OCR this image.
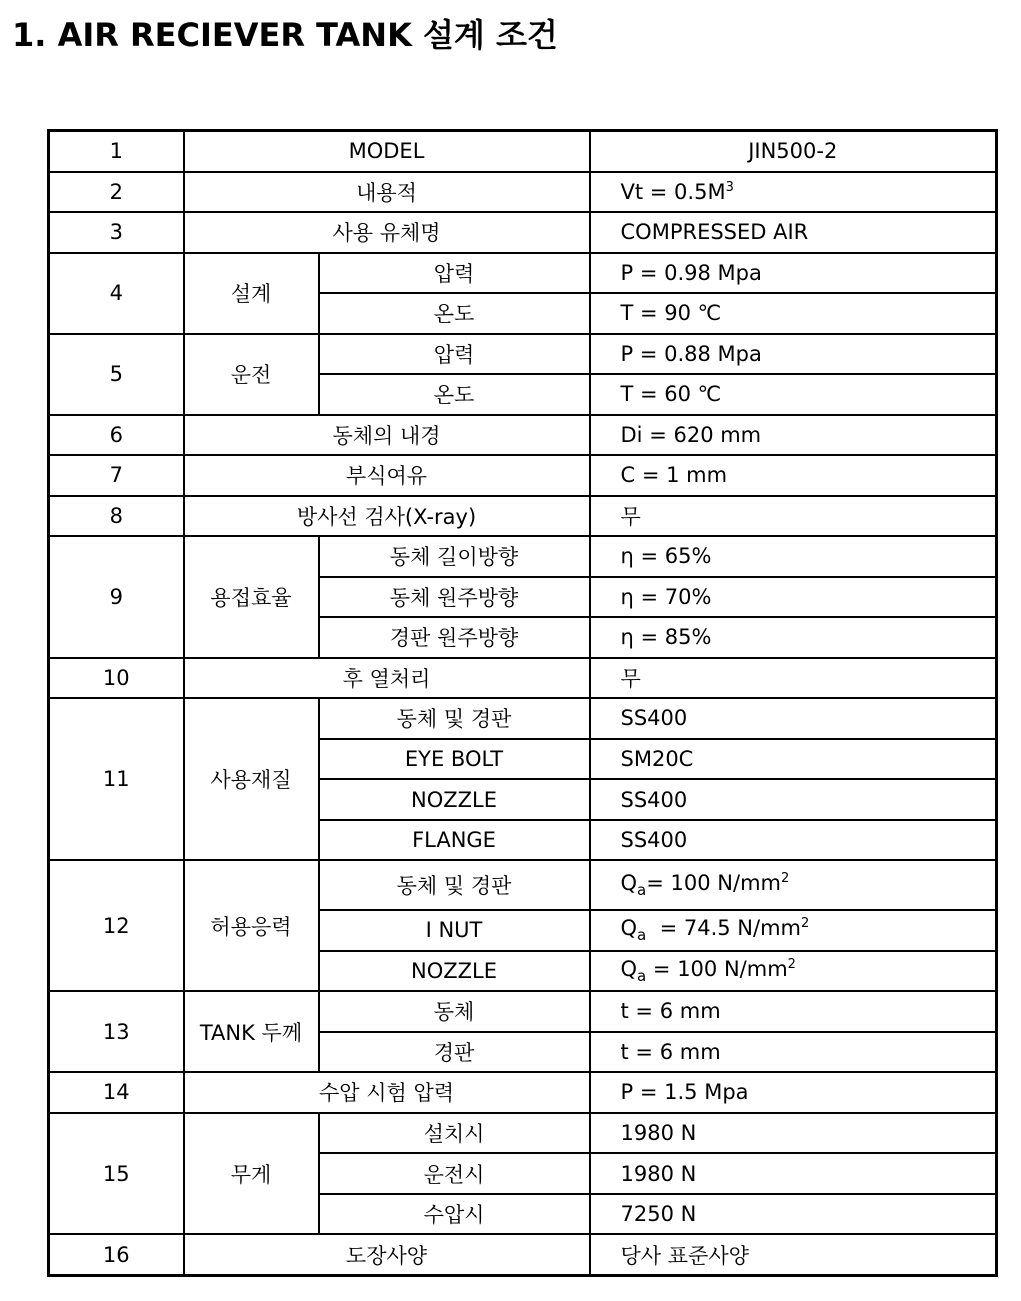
1. AIR RECIEVER TANK 설계 조건
1	MODEL		JIN500-2
2	내용적		$Vt = 0.5M^3$
3	사용 유체명		COMPRESSED AIR
4	설계	압력	P = 0.98 Mpa
		온도	T = 90 ℃
5	운전	압력	P = 0.88 Mpa
		온도	T = 60 ℃
6	동체의 내경		Di = 620 mm
7	부식여유		C = 1 mm
8	방사선 검사(X-ray)		무
9	용접효율	동체 길이방향	η = 65%
		동체 원주방향	η = 70%
		경판 원주방향	η = 85%
10	후 열처리		무
11	사용재질	동체 및 경판	SS400
		EYE BOLT	SM20C
		NOZZLE	SS400
		FLANGE	SS400
12	허용응력	동체 및 경판	$Q_a= 100$ $N/mm^2$
		I NUT	$Q_a = 74.5$ $N/mm^2$
		NOZZLE	$Q_a = 100$ $N/mm^2$
13	TANK 두께	동체	t = 6 mm
		경판	t = 6 mm
14	수압 시험 압력		P = 1.5 Mpa
15	무게	설치시	1980 N
		운전시	1980 N
		수압시	7250 N
16	도장사양		당사 표준사양
